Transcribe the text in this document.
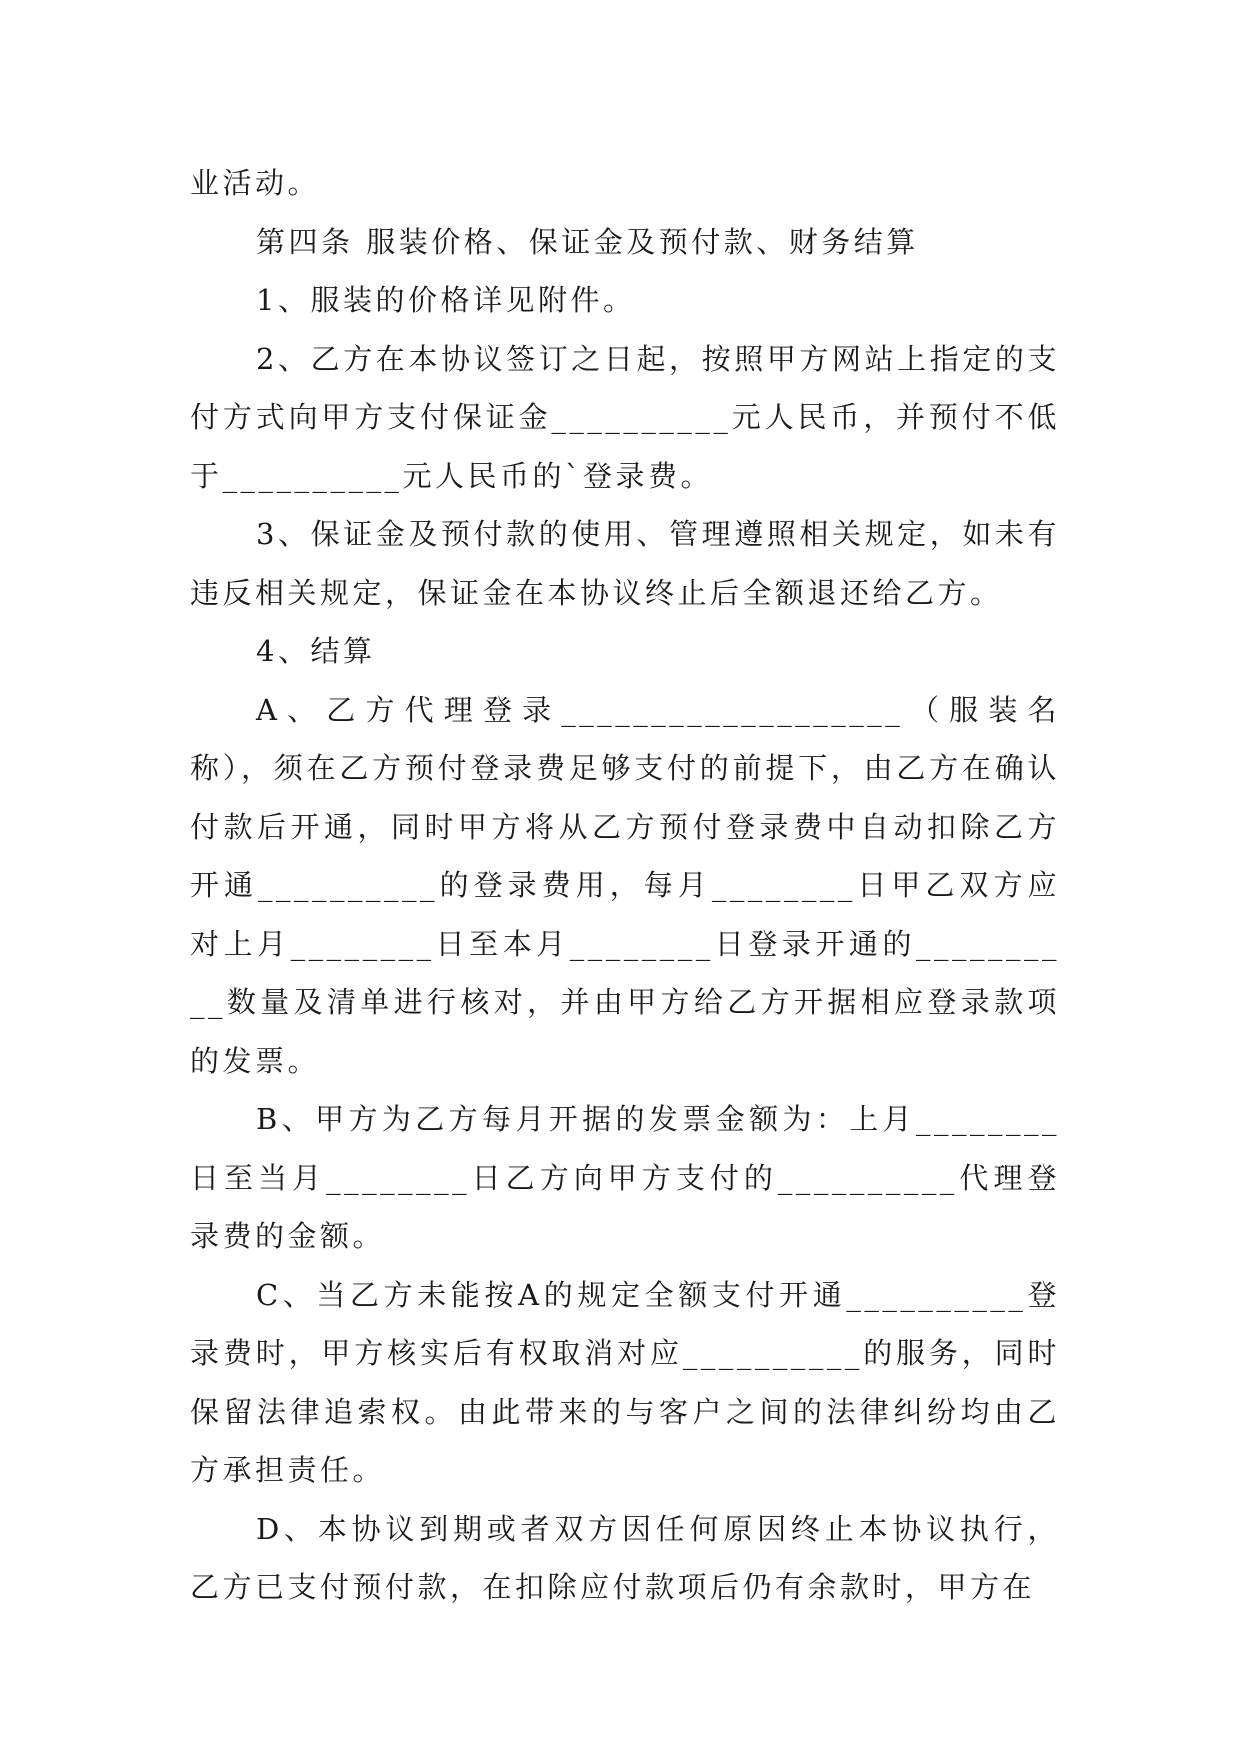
业活动。

第四条 服装价格、保证金及预付款、财务结算

1、服装的价格详见附件。

2、乙方在本协议签订之日起，按照甲方网站上指定的支付方式向甲方支付保证金__________元人民币，并预付不低于__________元人民币的`登录费。

3、保证金及预付款的使用、管理遵照相关规定，如未有违反相关规定，保证金在本协议终止后全额退还给乙方。

4、结算

A、乙方代理登录___________________（服装名称），须在乙方预付登录费足够支付的前提下，由乙方在确认付款后开通，同时甲方将从乙方预付登录费中自动扣除乙方开通__________的登录费用，每月________日甲乙双方应对上月________日至本月________日登录开通的__________数量及清单进行核对，并由甲方给乙方开据相应登录款项的发票。

B、甲方为乙方每月开据的发票金额为：上月________日至当月________日乙方向甲方支付的__________代理登录费的金额。

C、当乙方未能按A的规定全额支付开通__________登录费时，甲方核实后有权取消对应__________的服务，同时保留法律追索权。由此带来的与客户之间的法律纠纷均由乙方承担责任。

D、本协议到期或者双方因任何原因终止本协议执行，乙方已支付预付款，在扣除应付款项后仍有余款时，甲方在
